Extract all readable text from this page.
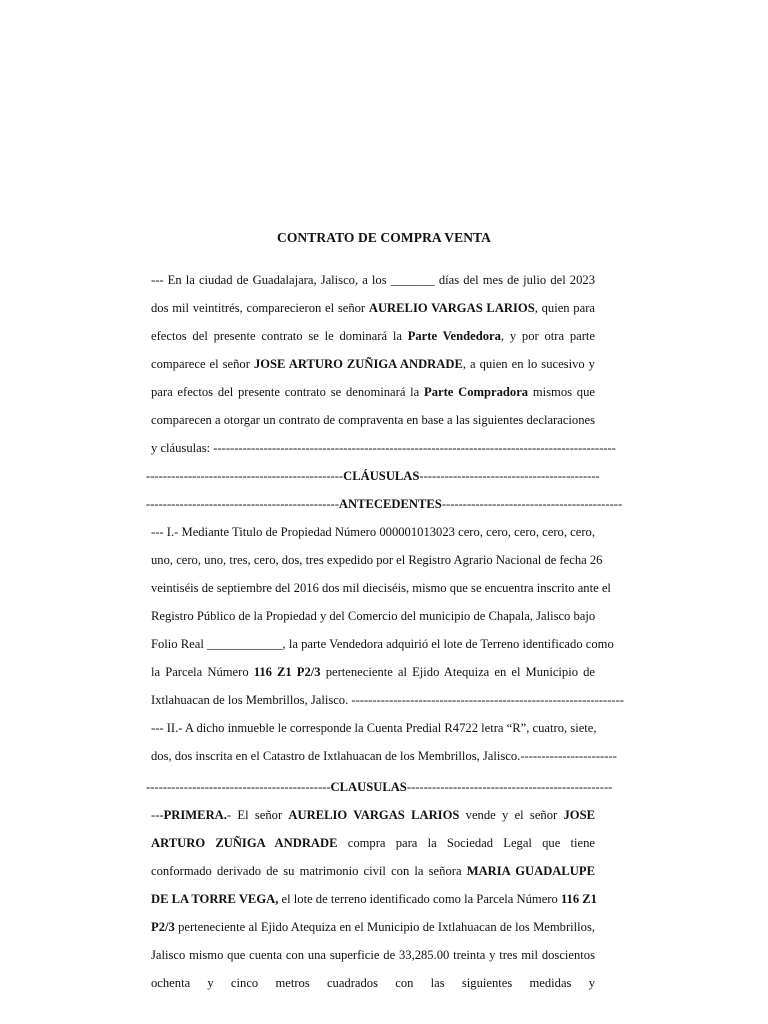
CONTRATO DE COMPRA VENTA
--- En la ciudad de Guadalajara, Jalisco, a los _______ días del mes de julio del 2023
dos mil veintitrés, comparecieron el señor AURELIO VARGAS LARIOS, quien para
efectos del presente contrato se le dominará la Parte Vendedora, y por otra parte
comparece el señor JOSE ARTURO ZUÑIGA ANDRADE, a quien en lo sucesivo y
para efectos del presente contrato se denominará la Parte Compradora mismos que
comparecen a otorgar un contrato de compraventa en base a las siguientes declaraciones
y cláusulas: ------------------------------------------------------------------------------------------------
-----------------------------------------------CLÁUSULAS-------------------------------------------
----------------------------------------------ANTECEDENTES-------------------------------------------
--- I.- Mediante Titulo de Propiedad Número 000001013023 cero, cero, cero, cero, cero,
uno, cero, uno, tres, cero, dos, tres expedido por el Registro Agrario Nacional de fecha 26
veintiséis de septiembre del 2016 dos mil dieciséis, mismo que se encuentra inscrito ante el
Registro Público de la Propiedad y del Comercio del municipio de Chapala, Jalisco bajo
Folio Real ____________, la parte Vendedora adquirió el lote de Terreno identificado como
la Parcela Número 116 Z1 P2/3 perteneciente al Ejido Atequiza en el Municipio de
Ixtlahuacan de los Membrillos, Jalisco. -----------------------------------------------------------------
--- II.- A dicho inmueble le corresponde la Cuenta Predial R4722 letra “R”, cuatro, siete,
dos, dos inscrita en el Catastro de Ixtlahuacan de los Membrillos, Jalisco.-----------------------
--------------------------------------------CLAUSULAS-------------------------------------------------
---PRIMERA.- El señor AURELIO VARGAS LARIOS vende y el señor JOSE
ARTURO ZUÑIGA ANDRADE compra para la Sociedad Legal que tiene
conformado derivado de su matrimonio civil con la señora MARIA GUADALUPE
DE LA TORRE VEGA, el lote de terreno identificado como la Parcela Número 116 Z1
P2/3 perteneciente al Ejido Atequiza en el Municipio de Ixtlahuacan de los Membrillos,
Jalisco mismo que cuenta con una superficie de 33,285.00 treinta y tres mil doscientos
ochenta y cinco metros cuadrados con las siguientes medidas y
